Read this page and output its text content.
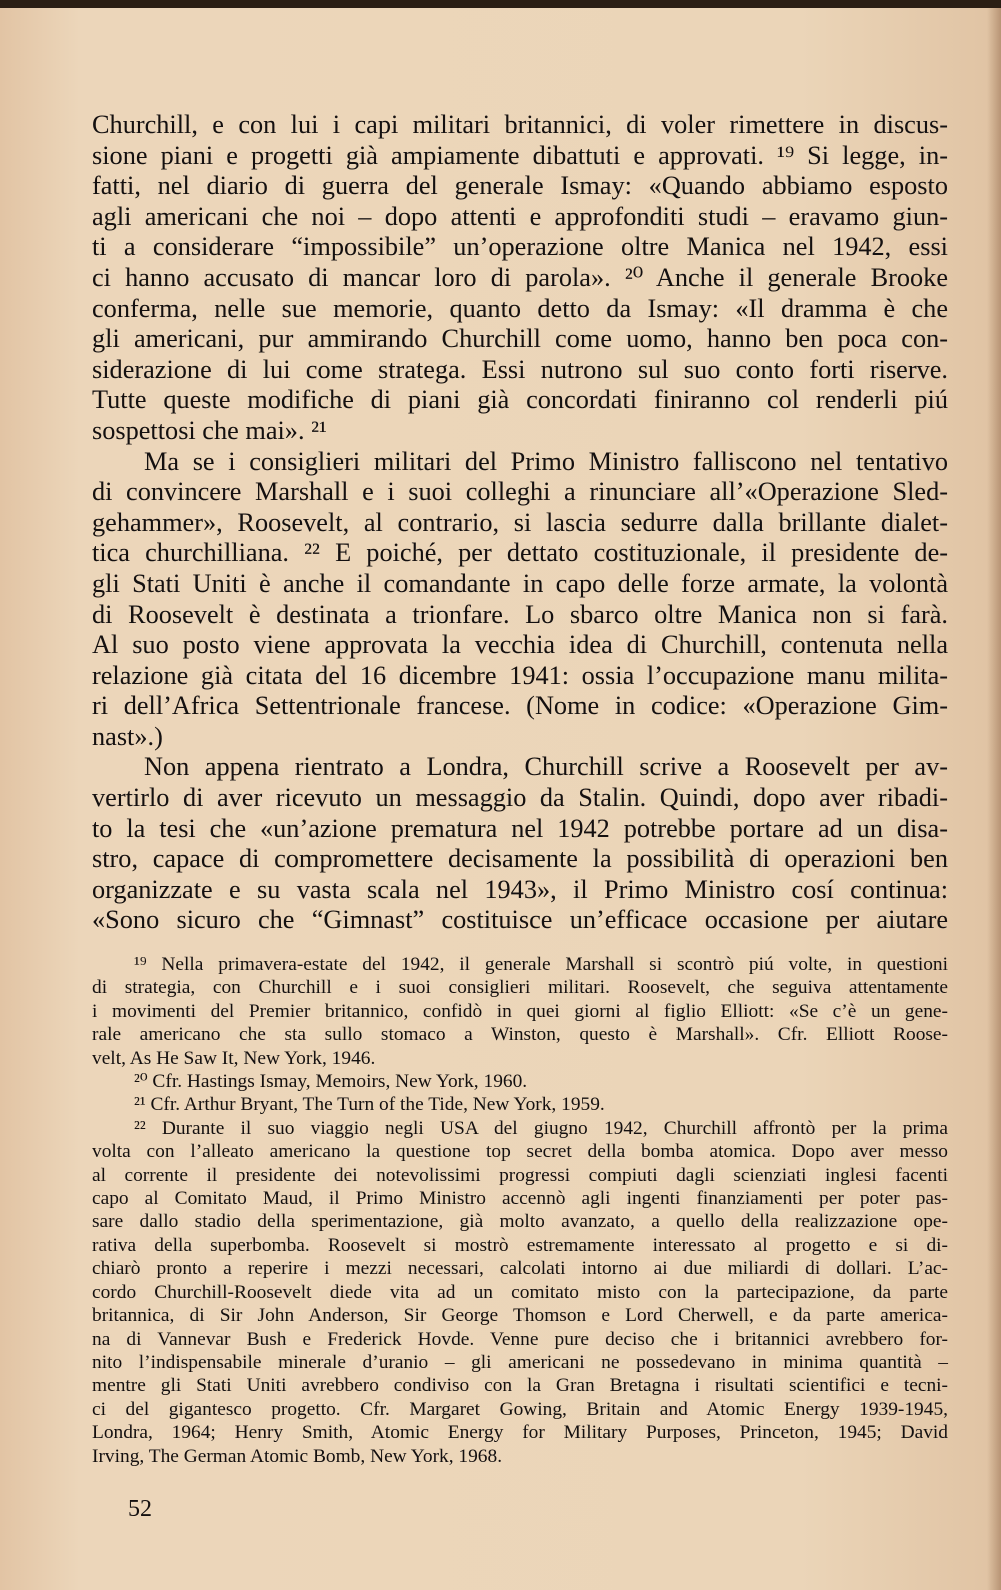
Churchill, e con lui i capi militari britannici, di voler rimettere in discus-
sione piani e progetti già ampiamente dibattuti e approvati. ¹⁹ Si legge, in-
fatti, nel diario di guerra del generale Ismay: «Quando abbiamo esposto
agli americani che noi – dopo attenti e approfonditi studi – eravamo giun-
ti a considerare “impossibile” un’operazione oltre Manica nel 1942, essi
ci hanno accusato di mancar loro di parola». ²⁰ Anche il generale Brooke
conferma, nelle sue memorie, quanto detto da Ismay: «Il dramma è che
gli americani, pur ammirando Churchill come uomo, hanno ben poca con-
siderazione di lui come stratega. Essi nutrono sul suo conto forti riserve.
Tutte queste modifiche di piani già concordati finiranno col renderli piú
sospettosi che mai». ²¹
Ma se i consiglieri militari del Primo Ministro falliscono nel tentativo
di convincere Marshall e i suoi colleghi a rinunciare all’«Operazione Sled-
gehammer», Roosevelt, al contrario, si lascia sedurre dalla brillante dialet-
tica churchilliana. ²² E poiché, per dettato costituzionale, il presidente de-
gli Stati Uniti è anche il comandante in capo delle forze armate, la volontà
di Roosevelt è destinata a trionfare. Lo sbarco oltre Manica non si farà.
Al suo posto viene approvata la vecchia idea di Churchill, contenuta nella
relazione già citata del 16 dicembre 1941: ossia l’occupazione manu milita-
ri dell’Africa Settentrionale francese. (Nome in codice: «Operazione Gim-
nast».)
Non appena rientrato a Londra, Churchill scrive a Roosevelt per av-
vertirlo di aver ricevuto un messaggio da Stalin. Quindi, dopo aver ribadi-
to la tesi che «un’azione prematura nel 1942 potrebbe portare ad un disa-
stro, capace di compromettere decisamente la possibilità di operazioni ben
organizzate e su vasta scala nel 1943», il Primo Ministro cosí continua:
«Sono sicuro che “Gimnast” costituisce un’efficace occasione per aiutare
¹⁹ Nella primavera-estate del 1942, il generale Marshall si scontrò piú volte, in questioni
di strategia, con Churchill e i suoi consiglieri militari. Roosevelt, che seguiva attentamente
i movimenti del Premier britannico, confidò in quei giorni al figlio Elliott: «Se c’è un gene-
rale americano che sta sullo stomaco a Winston, questo è Marshall». Cfr. Elliott Roose-
velt, As He Saw It, New York, 1946.
²⁰ Cfr. Hastings Ismay, Memoirs, New York, 1960.
²¹ Cfr. Arthur Bryant, The Turn of the Tide, New York, 1959.
²² Durante il suo viaggio negli USA del giugno 1942, Churchill affrontò per la prima
volta con l’alleato americano la questione top secret della bomba atomica. Dopo aver messo
al corrente il presidente dei notevolissimi progressi compiuti dagli scienziati inglesi facenti
capo al Comitato Maud, il Primo Ministro accennò agli ingenti finanziamenti per poter pas-
sare dallo stadio della sperimentazione, già molto avanzato, a quello della realizzazione ope-
rativa della superbomba. Roosevelt si mostrò estremamente interessato al progetto e si di-
chiarò pronto a reperire i mezzi necessari, calcolati intorno ai due miliardi di dollari. L’ac-
cordo Churchill-Roosevelt diede vita ad un comitato misto con la partecipazione, da parte
britannica, di Sir John Anderson, Sir George Thomson e Lord Cherwell, e da parte america-
na di Vannevar Bush e Frederick Hovde. Venne pure deciso che i britannici avrebbero for-
nito l’indispensabile minerale d’uranio – gli americani ne possedevano in minima quantità –
mentre gli Stati Uniti avrebbero condiviso con la Gran Bretagna i risultati scientifici e tecni-
ci del gigantesco progetto. Cfr. Margaret Gowing, Britain and Atomic Energy 1939-1945,
Londra, 1964; Henry Smith, Atomic Energy for Military Purposes, Princeton, 1945; David
Irving, The German Atomic Bomb, New York, 1968.
52
